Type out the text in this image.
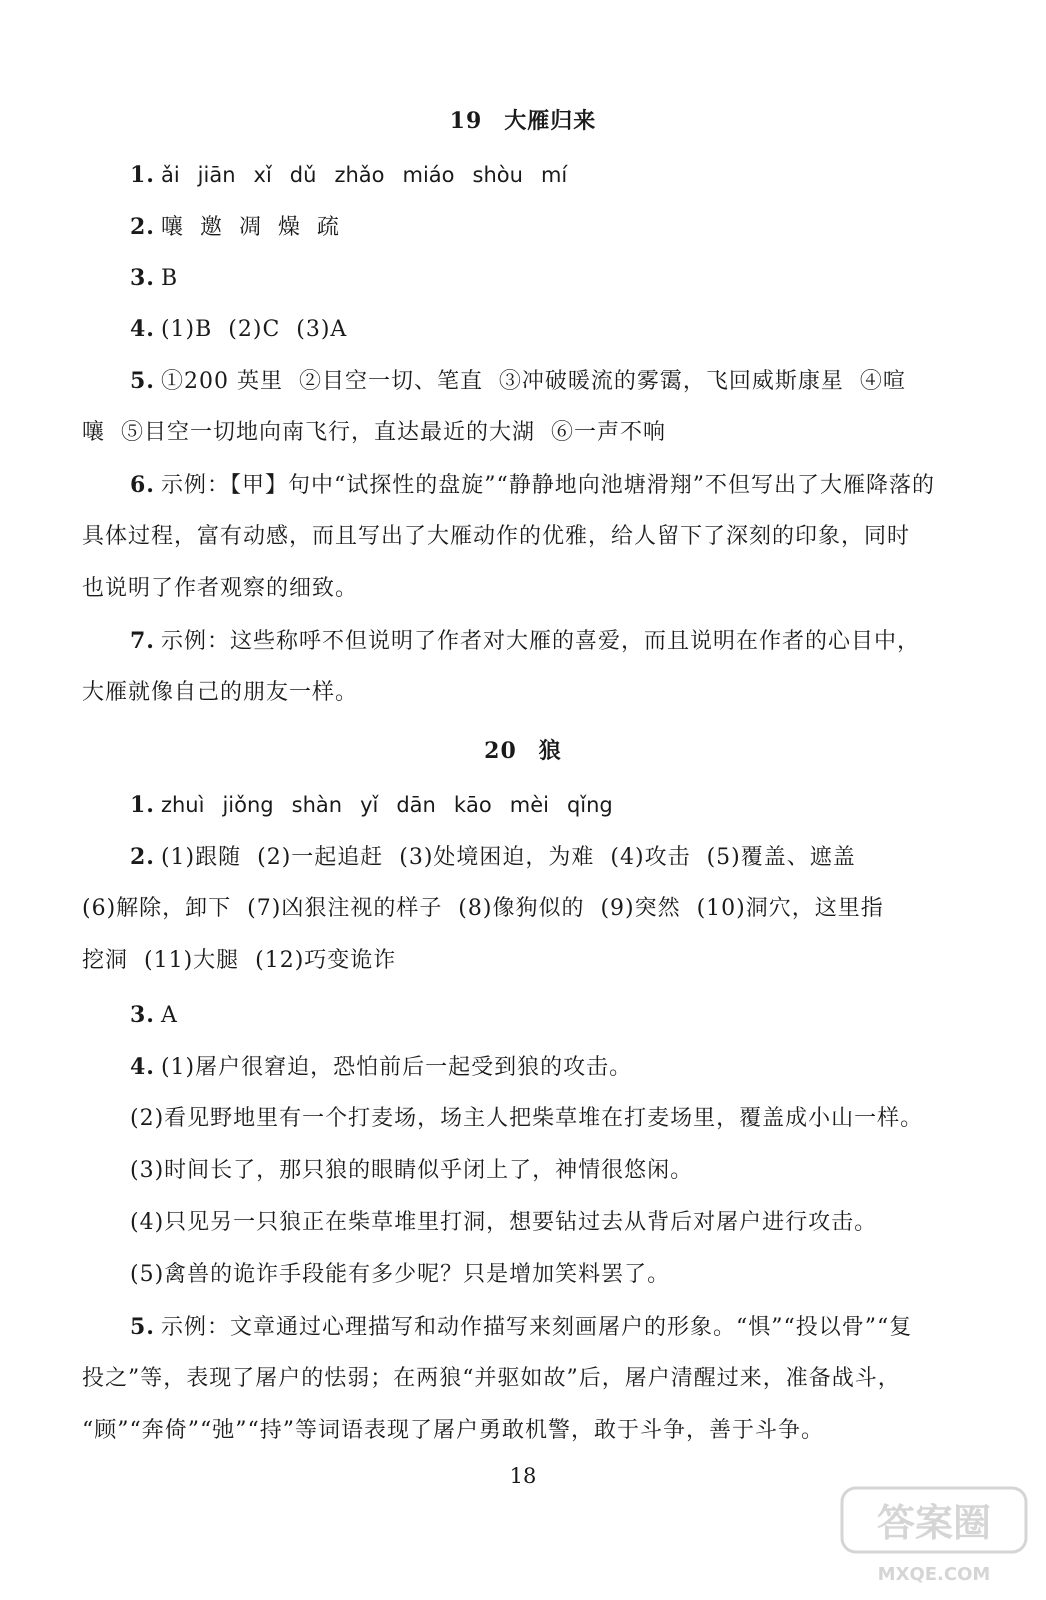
19 大雁归来
1. ǎi jiān xǐ dǔ zhǎo miáo shòu mí
2. 嚷  邀  凋  燥  疏
3. B
4. (1)B  (2)C  (3)A
5. ①200 英里  ②目空一切、笔直  ③冲破暖流的雾霭，飞回威斯康星  ④喧
嚷  ⑤目空一切地向南飞行，直达最近的大湖  ⑥一声不响
6. 示例：【甲】句中“试探性的盘旋”“静静地向池塘滑翔”不但写出了大雁降落的
具体过程，富有动感，而且写出了大雁动作的优雅，给人留下了深刻的印象，同时
也说明了作者观察的细致。
7. 示例：这些称呼不但说明了作者对大雁的喜爱，而且说明在作者的心目中，
大雁就像自己的朋友一样。
20 狼
1. zhuì jiǒng shàn yǐ dān kāo mèi qǐng
2. (1)跟随  (2)一起追赶  (3)处境困迫，为难  (4)攻击  (5)覆盖、遮盖
(6)解除，卸下  (7)凶狠注视的样子  (8)像狗似的  (9)突然  (10)洞穴，这里指
挖洞  (11)大腿  (12)巧变诡诈
3. A
4. (1)屠户很窘迫，恐怕前后一起受到狼的攻击。
(2)看见野地里有一个打麦场，场主人把柴草堆在打麦场里，覆盖成小山一样。
(3)时间长了，那只狼的眼睛似乎闭上了，神情很悠闲。
(4)只见另一只狼正在柴草堆里打洞，想要钻过去从背后对屠户进行攻击。
(5)禽兽的诡诈手段能有多少呢？只是增加笑料罢了。
5. 示例：文章通过心理描写和动作描写来刻画屠户的形象。“惧”“投以骨”“复
投之”等，表现了屠户的怯弱；在两狼“并驱如故”后，屠户清醒过来，准备战斗，
“顾”“奔倚”“弛”“持”等词语表现了屠户勇敢机警，敢于斗争，善于斗争。
18
答案圈
MXQE.COM
